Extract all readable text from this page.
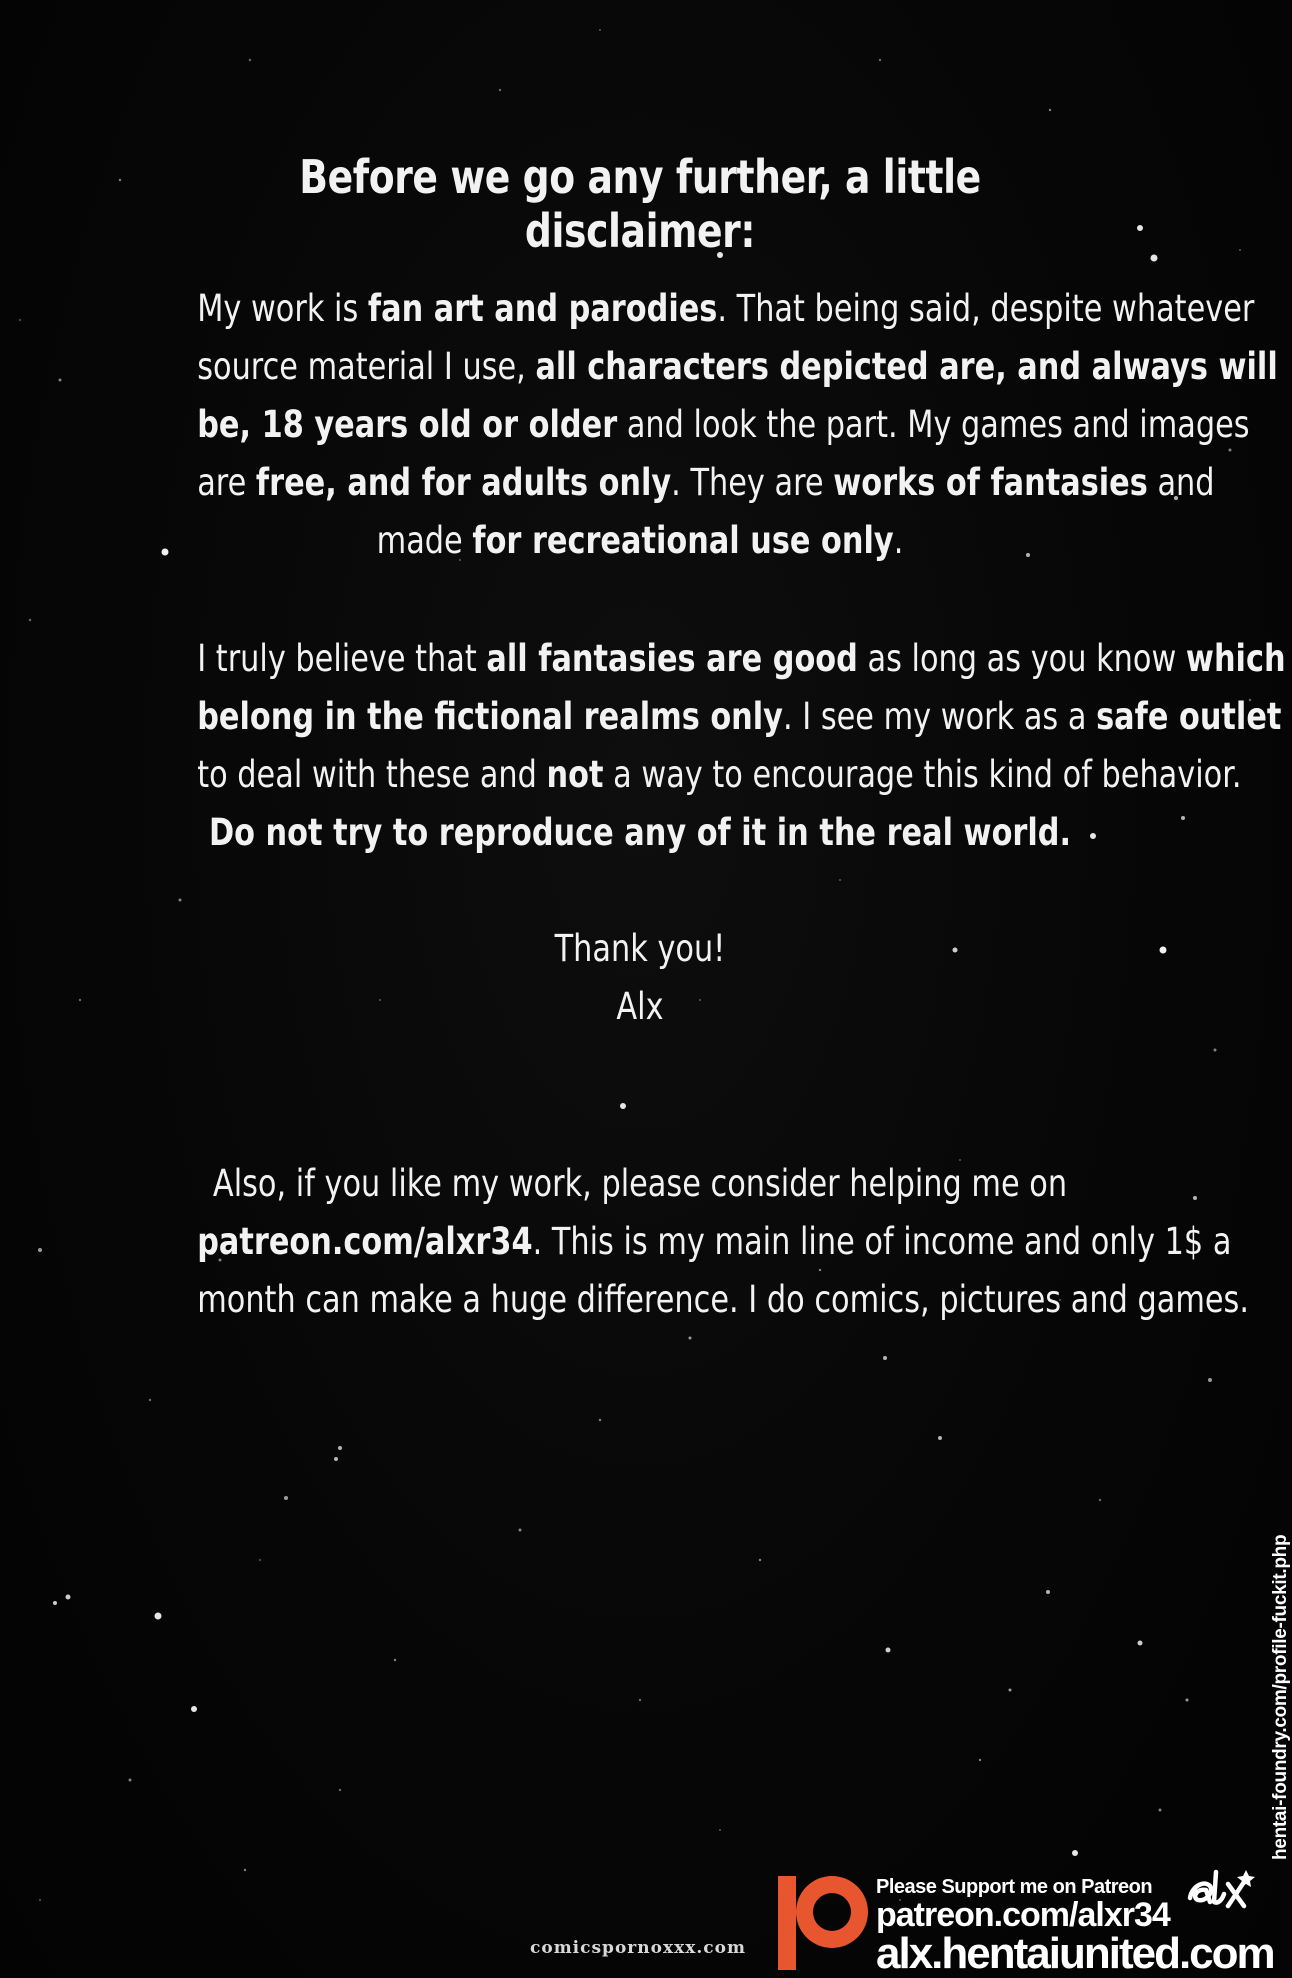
Before we go any further, a little disclaimer:
My work is fan art and parodies. That being said, despite whatever
source material I use, all characters depicted are, and always will
be, 18 years old or older and look the part. My games and images
are free, and for adults only. They are works of fantasies and
made for recreational use only.
I truly believe that all fantasies are good as long as you know which
belong in the fictional realms only. I see my work as a safe outlet
to deal with these and not a way to encourage this kind of behavior.
Do not try to reproduce any of it in the real world.
Thank you!
Alx
Also, if you like my work, please consider helping me on
patreon.com/alxr34. This is my main line of income and only 1$ a
month can make a huge difference. I do comics, pictures and games.
comicspornoxxx.com
Please Support me on Patreon
patreon.com/alxr34
alx.hentaiunited.com
hentai-foundry.com/profile-fuckit.php
